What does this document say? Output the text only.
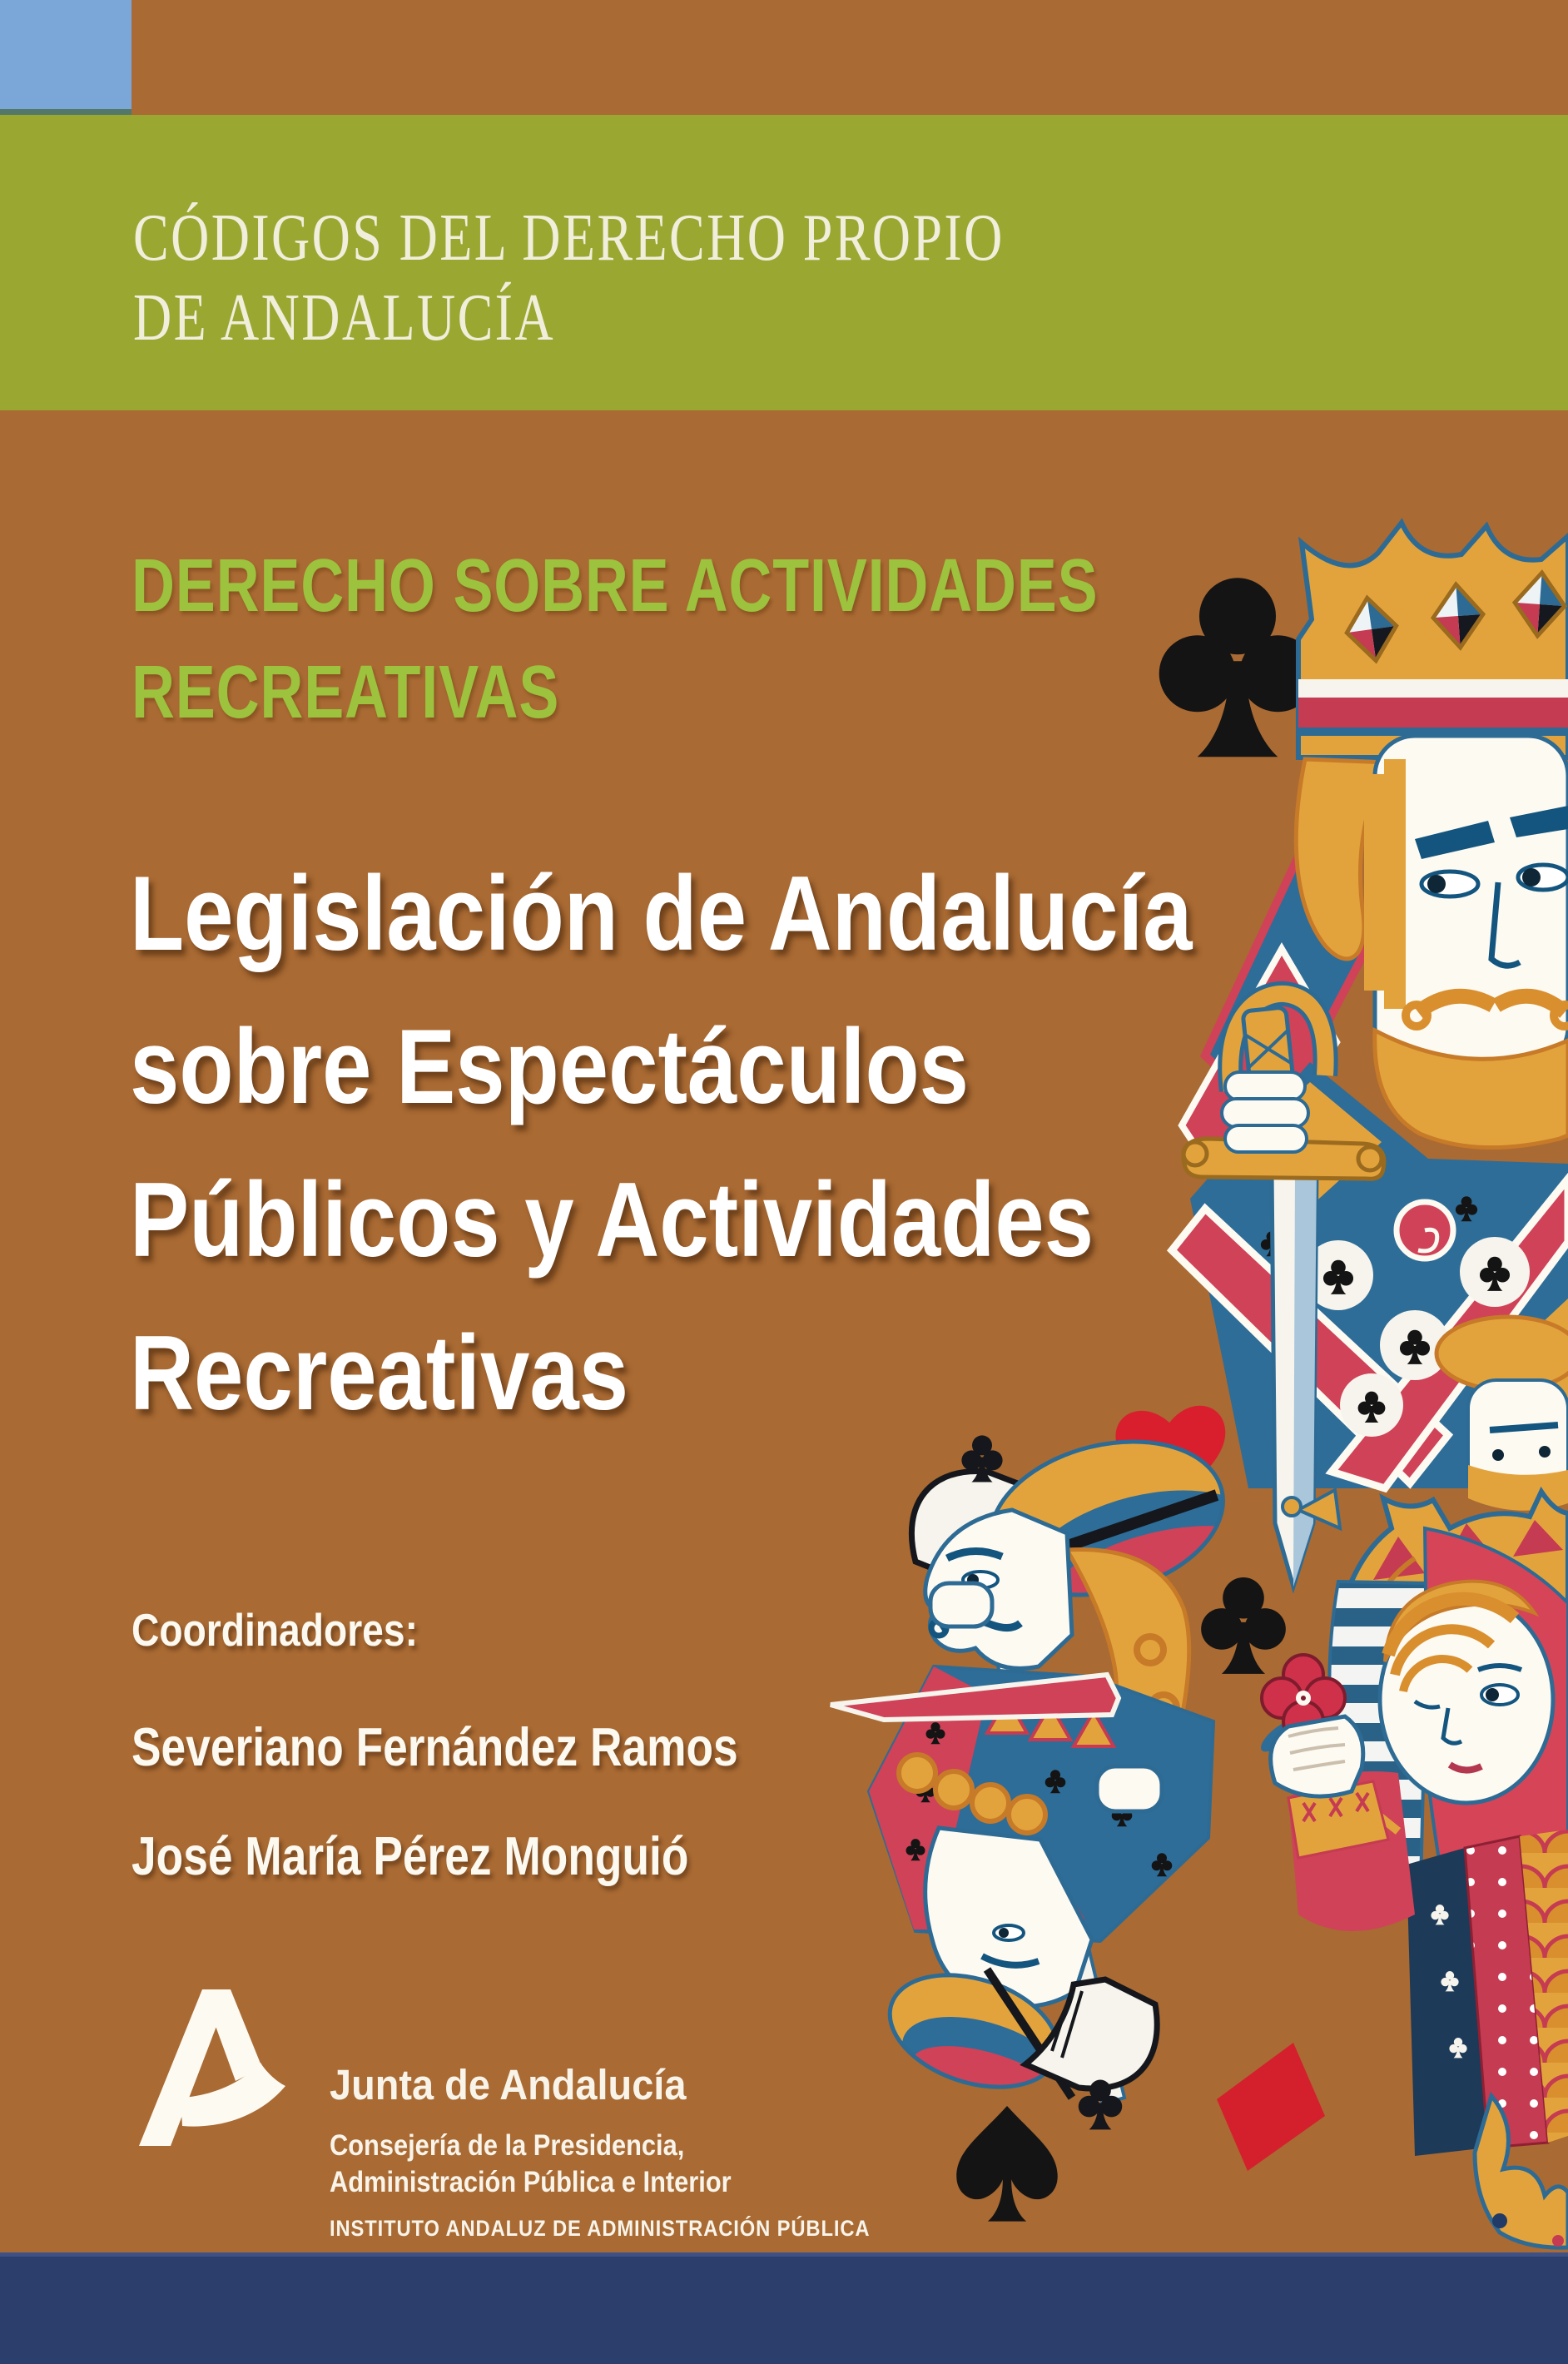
CÓDIGOS DEL DERECHO PROPIO
DE ANDALUCÍA
DERECHO SOBRE ACTIVIDADES
RECREATIVAS
Legislación de Andalucía
sobre Espectáculos
Públicos y Actividades
Recreativas
Coordinadores:
Severiano Fernández Ramos
José María Pérez Monguió
Junta de Andalucía
Consejería de la Presidencia,
Administración Pública e Interior
INSTITUTO ANDALUZ DE ADMINISTRACIÓN PÚBLICA
